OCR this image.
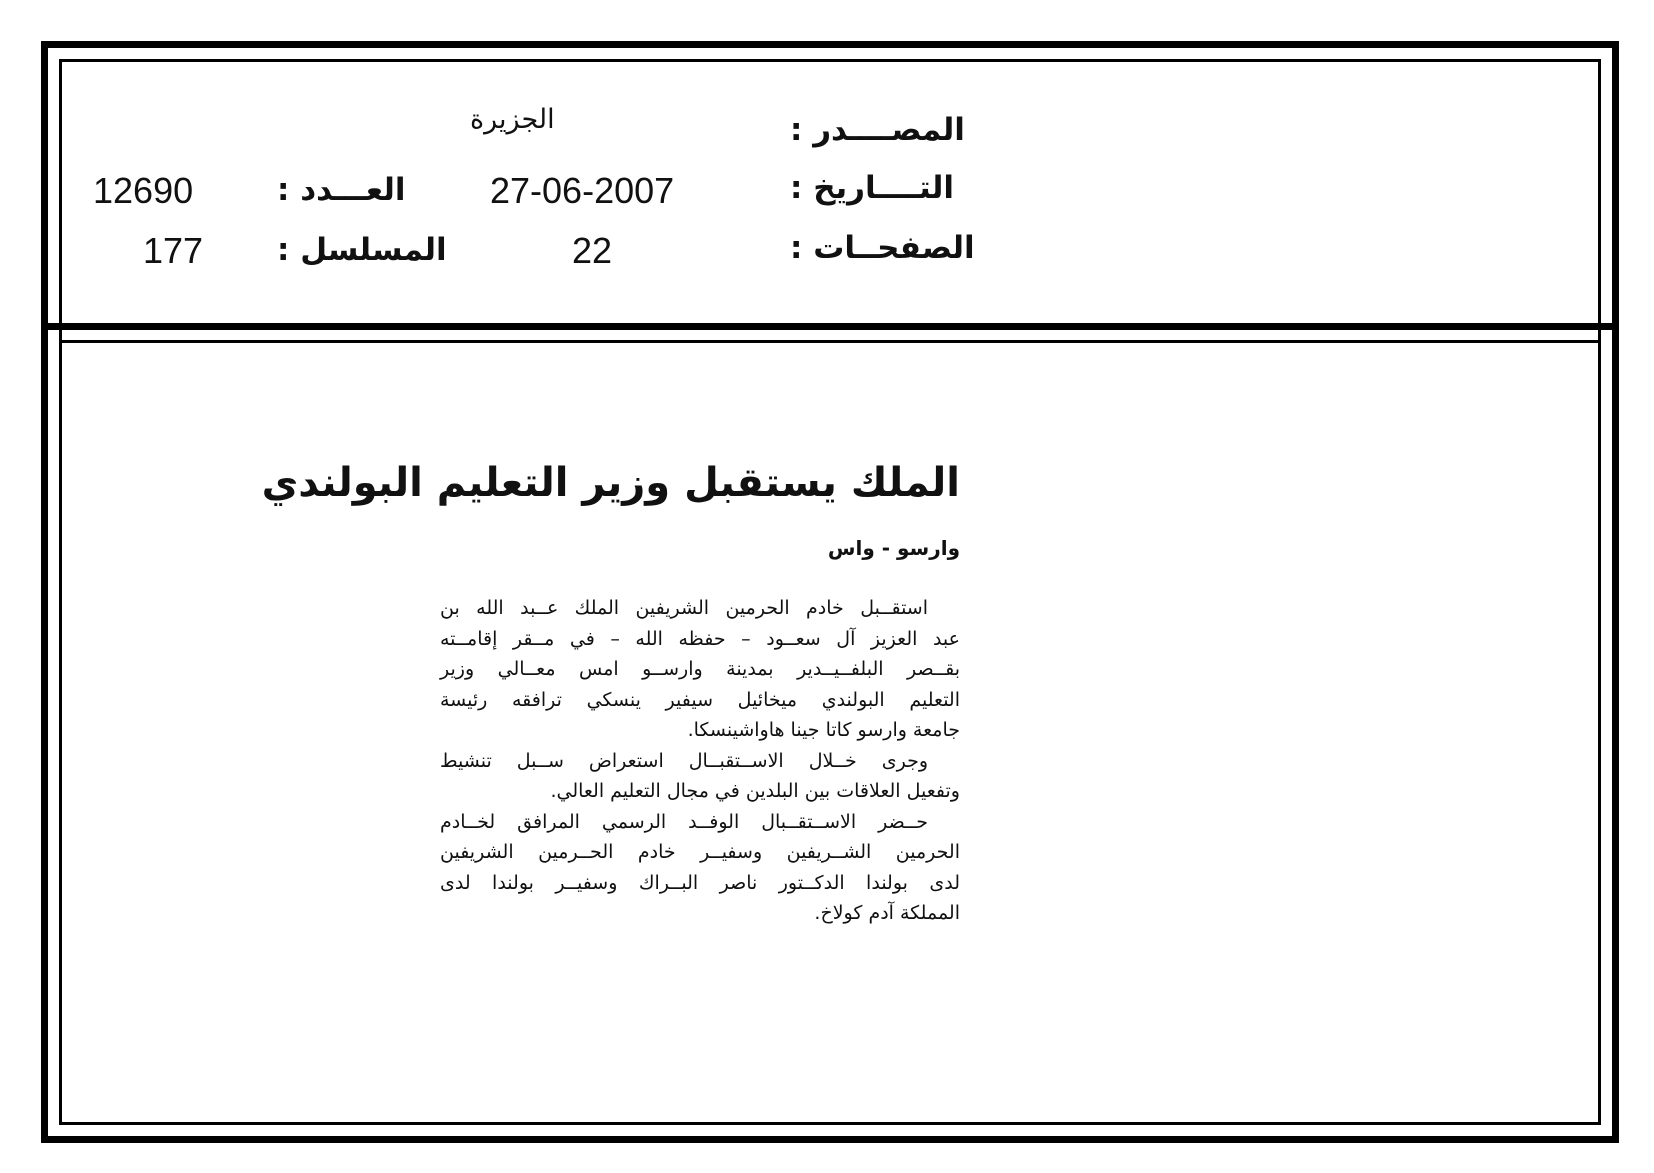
المصــــدر :
الجزيرة
التــــاريخ :
27-06-2007
العـــدد :
12690
الصفحــات :
22
المسلسل :
177
الملك يستقبل وزير التعليم البولندي
وارسو - واس
استقــبل خادم الحرمين الشريفين الملك عــبد الله بن
عبد العزيز آل سعــود – حفظه الله – في مــقر إقامــته
بقــصر البلفــيــدير بمدينة وارســو امس معــالي وزير
التعليم البولندي ميخائيل سيفير ينسكي ترافقه رئيسة
جامعة وارسو كاتا جينا هاواشينسكا.
وجرى خــلال الاســتقبــال استعراض ســبل تنشيط
وتفعيل العلاقات بين البلدين في مجال التعليم العالي.
حــضر الاســتقــبال الوفــد الرسمي المرافق لخــادم
الحرمين الشــريفين وسفيــر خادم الحــرمين الشريفين
لدى بولندا الدكــتور ناصر البــراك وسفيــر بولندا لدى
المملكة آدم كولاخ.
